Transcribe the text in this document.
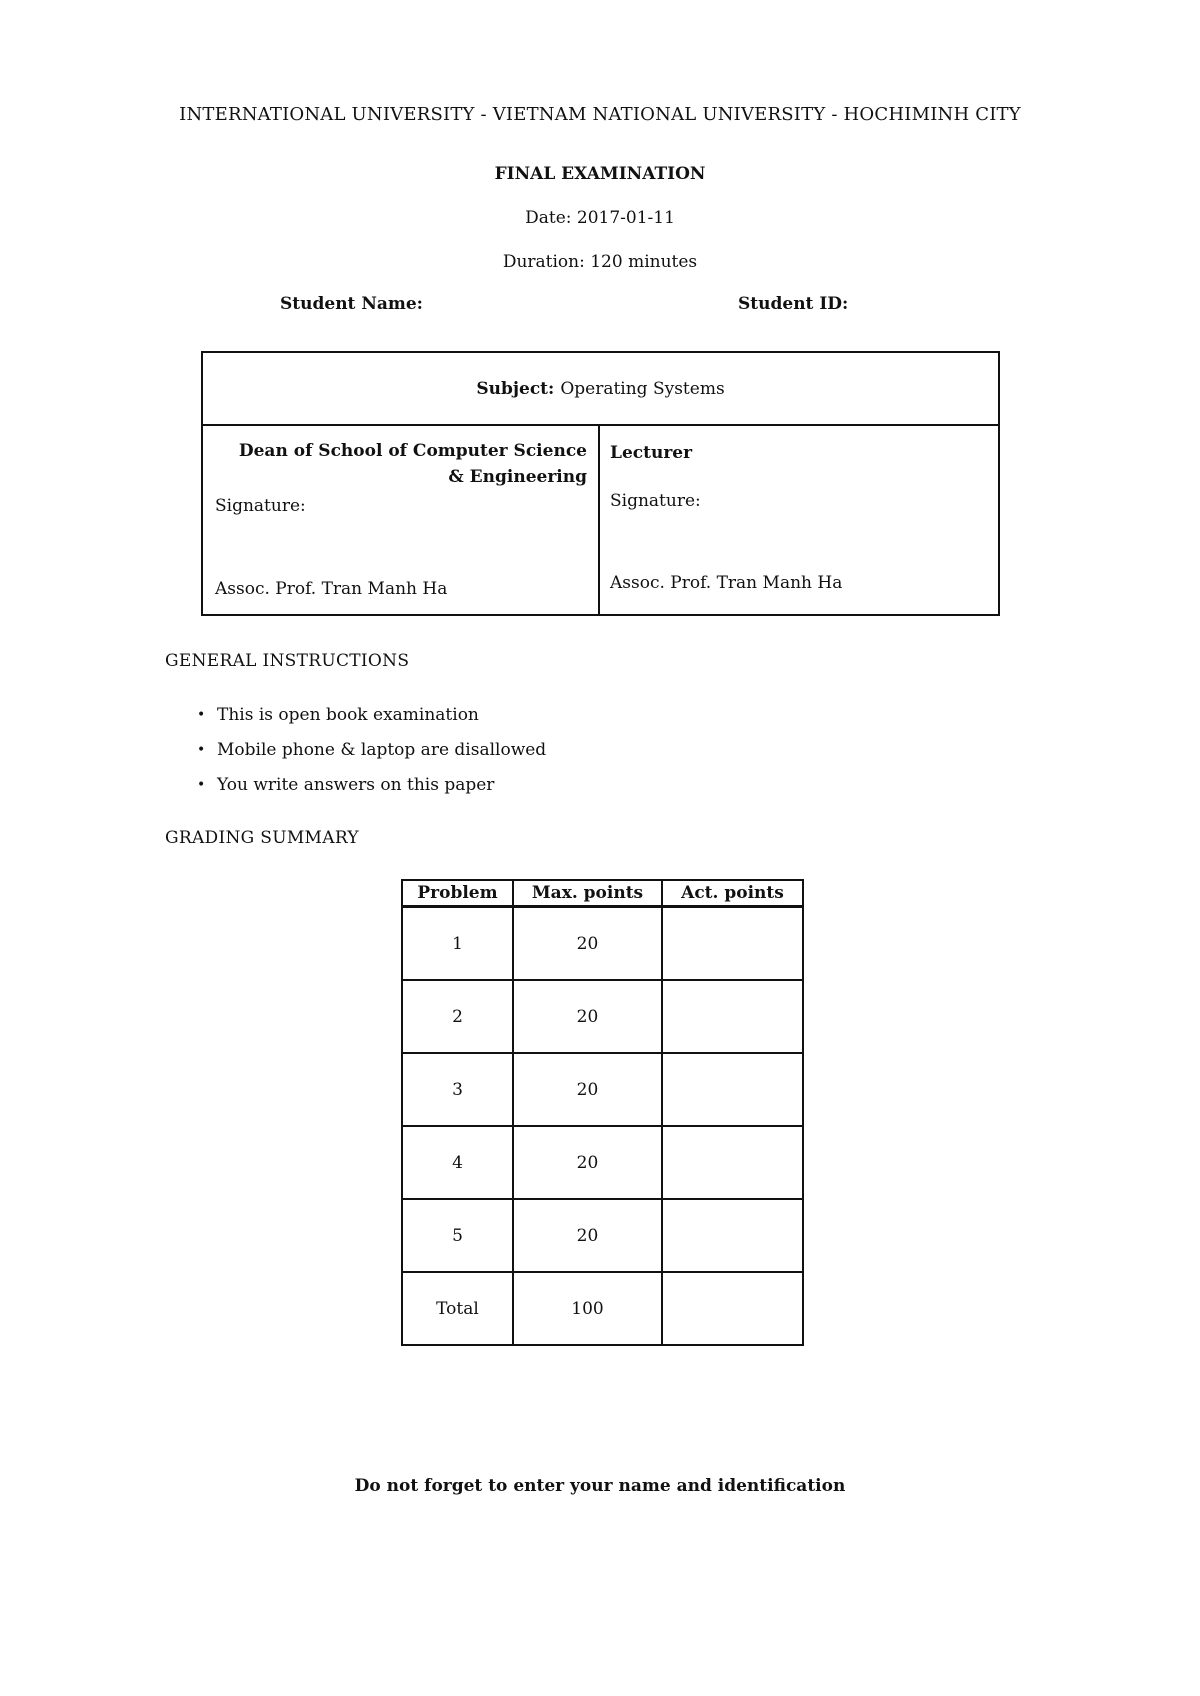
INTERNATIONAL UNIVERSITY - VIETNAM NATIONAL UNIVERSITY - HOCHIMINH CITY
FINAL EXAMINATION
Date: 2017-01-11
Duration: 120 minutes
Student Name:	Student ID:
Subject: Operating Systems
Dean of School of Computer Science
& Engineering
Signature:
Assoc. Prof. Tran Manh Ha
Lecturer
Signature:
Assoc. Prof. Tran Manh Ha
GENERAL INSTRUCTIONS
• This is open book examination
• Mobile phone & laptop are disallowed
• You write answers on this paper
GRADING SUMMARY
Problem	Max. points	Act. points
1	20	
2	20	
3	20	
4	20	
5	20	
Total	100	
Do not forget to enter your name and identification
